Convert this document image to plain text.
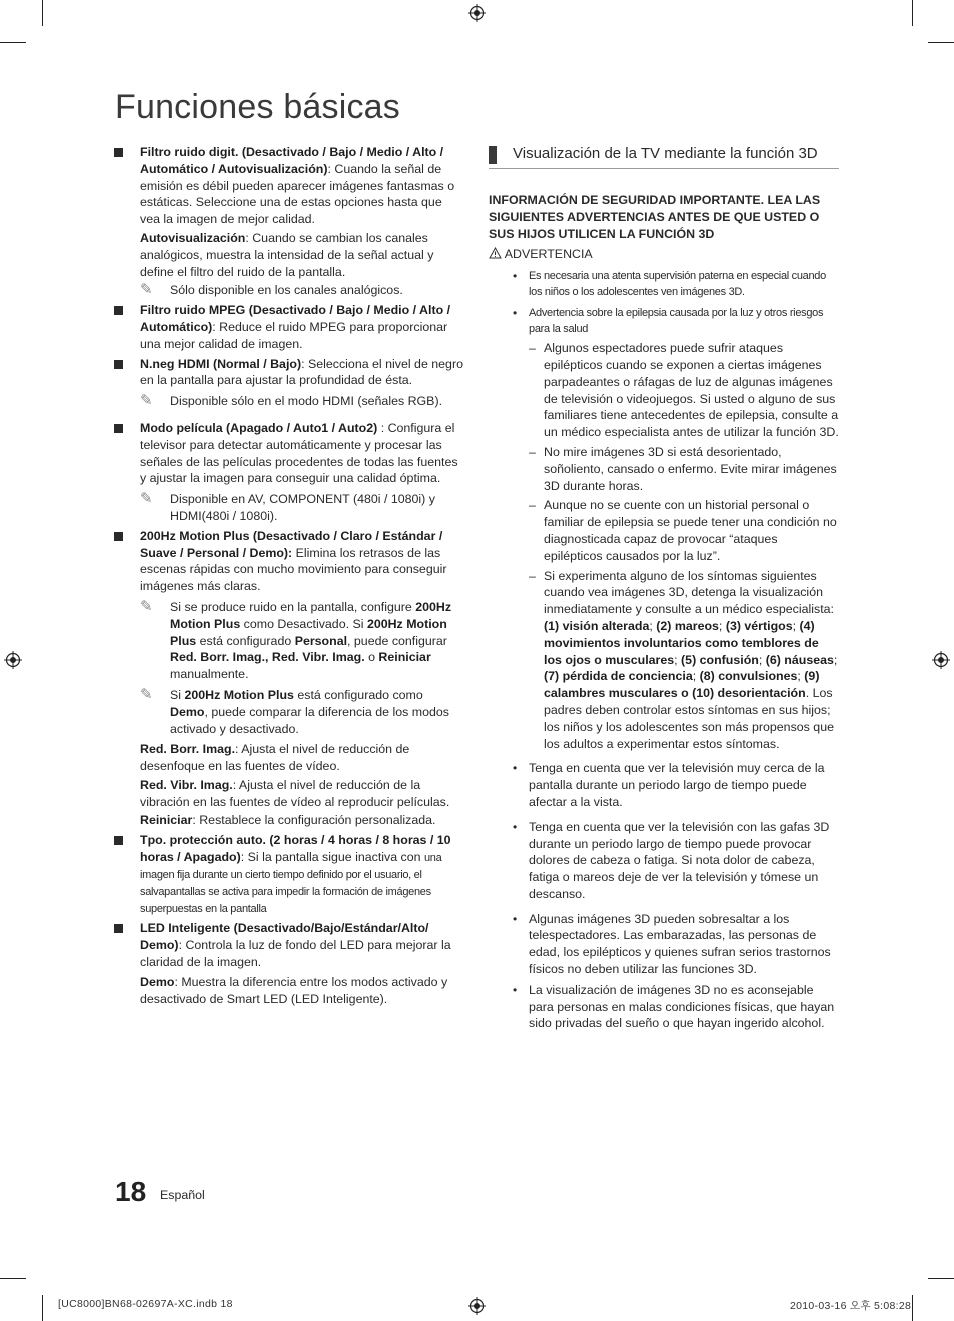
Funciones básicas
Filtro ruido digit. (Desactivado / Bajo / Medio / Alto / Automático / Autovisualización): Cuando la señal de emisión es débil pueden aparecer imágenes fantasmas o estáticas. Seleccione una de estas opciones hasta que vea la imagen de mejor calidad.
Autovisualización: Cuando se cambian los canales analógicos, muestra la intensidad de la señal actual y define el filtro del ruido de la pantalla.
✎	Sólo disponible en los canales analógicos.
Filtro ruido MPEG (Desactivado / Bajo / Medio / Alto / Automático): Reduce el ruido MPEG para proporcionar una mejor calidad de imagen.
N.neg HDMI (Normal / Bajo): Selecciona el nivel de negro en la pantalla para ajustar la profundidad de ésta.
✎	Disponible sólo en el modo HDMI (señales RGB).
Modo película (Apagado / Auto1 / Auto2) : Configura el televisor para detectar automáticamente y procesar las señales de las películas procedentes de todas las fuentes y ajustar la imagen para conseguir una calidad óptima.
✎	Disponible en AV, COMPONENT (480i / 1080i) y HDMI(480i / 1080i).
200Hz Motion Plus (Desactivado / Claro / Estándar / Suave / Personal / Demo): Elimina los retrasos de las escenas rápidas con mucho movimiento para conseguir imágenes más claras.
✎	Si se produce ruido en la pantalla, configure 200Hz Motion Plus como Desactivado. Si 200Hz Motion Plus está configurado Personal, puede configurar Red. Borr. Imag., Red. Vibr. Imag. o Reiniciar manualmente.
✎	Si 200Hz Motion Plus está configurado como Demo, puede comparar la diferencia de los modos activado y desactivado.
Red. Borr. Imag.: Ajusta el nivel de reducción de desenfoque en las fuentes de vídeo.
Red. Vibr. Imag.: Ajusta el nivel de reducción de la vibración en las fuentes de vídeo al reproducir películas.
Reiniciar: Restablece la configuración personalizada.
Tpo. protección auto. (2 horas / 4 horas / 8 horas / 10 horas / Apagado): Si la pantalla sigue inactiva con una imagen fija durante un cierto tiempo definido por el usuario, el salvapantallas se activa para impedir la formación de imágenes superpuestas en la pantalla
LED Inteligente (Desactivado/Bajo/Estándar/Alto/ Demo): Controla la luz de fondo del LED para mejorar la claridad de la imagen.
Demo: Muestra la diferencia entre los modos activado y desactivado de Smart LED (LED Inteligente).
Visualización de la TV mediante la función 3D
INFORMACIÓN DE SEGURIDAD IMPORTANTE. LEA LAS SIGUIENTES ADVERTENCIAS ANTES DE QUE USTED O SUS HIJOS UTILICEN LA FUNCIÓN 3D
ADVERTENCIA
• Es necesaria una atenta supervisión paterna en especial cuando los niños o los adolescentes ven imágenes 3D.
• Advertencia sobre la epilepsia causada por la luz y otros riesgos para la salud
– Algunos espectadores puede sufrir ataques epilépticos cuando se exponen a ciertas imágenes parpadeantes o ráfagas de luz de algunas imágenes de televisión o videojuegos. Si usted o alguno de sus familiares tiene antecedentes de epilepsia, consulte a un médico especialista antes de utilizar la función 3D.
– No mire imágenes 3D si está desorientado, soñoliento, cansado o enfermo. Evite mirar imágenes 3D durante horas.
– Aunque no se cuente con un historial personal o familiar de epilepsia se puede tener una condición no diagnosticada capaz de provocar “ataques epilépticos causados por la luz”.
– Si experimenta alguno de los síntomas siguientes cuando vea imágenes 3D, detenga la visualización inmediatamente y consulte a un médico especialista: (1) visión alterada; (2) mareos; (3) vértigos; (4) movimientos involuntarios como temblores de los ojos o musculares; (5) confusión; (6) náuseas; (7) pérdida de conciencia; (8) convulsiones; (9) calambres musculares o (10) desorientación. Los padres deben controlar estos síntomas en sus hijos; los niños y los adolescentes son más propensos que los adultos a experimentar estos síntomas.
• Tenga en cuenta que ver la televisión muy cerca de la pantalla durante un periodo largo de tiempo puede afectar a la vista.
• Tenga en cuenta que ver la televisión con las gafas 3D durante un periodo largo de tiempo puede provocar dolores de cabeza o fatiga. Si nota dolor de cabeza, fatiga o mareos deje de ver la televisión y tómese un descanso.
• Algunas imágenes 3D pueden sobresaltar a los telespectadores. Las embarazadas, las personas de edad, los epilépticos y quienes sufran serios trastornos físicos no deben utilizar las funciones 3D.
• La visualización de imágenes 3D no es aconsejable para personas en malas condiciones físicas, que hayan sido privadas del sueño o que hayan ingerido alcohol.
18 Español
[UC8000]BN68-02697A-XC.indb 18	2010-03-16 오후 5:08:28
